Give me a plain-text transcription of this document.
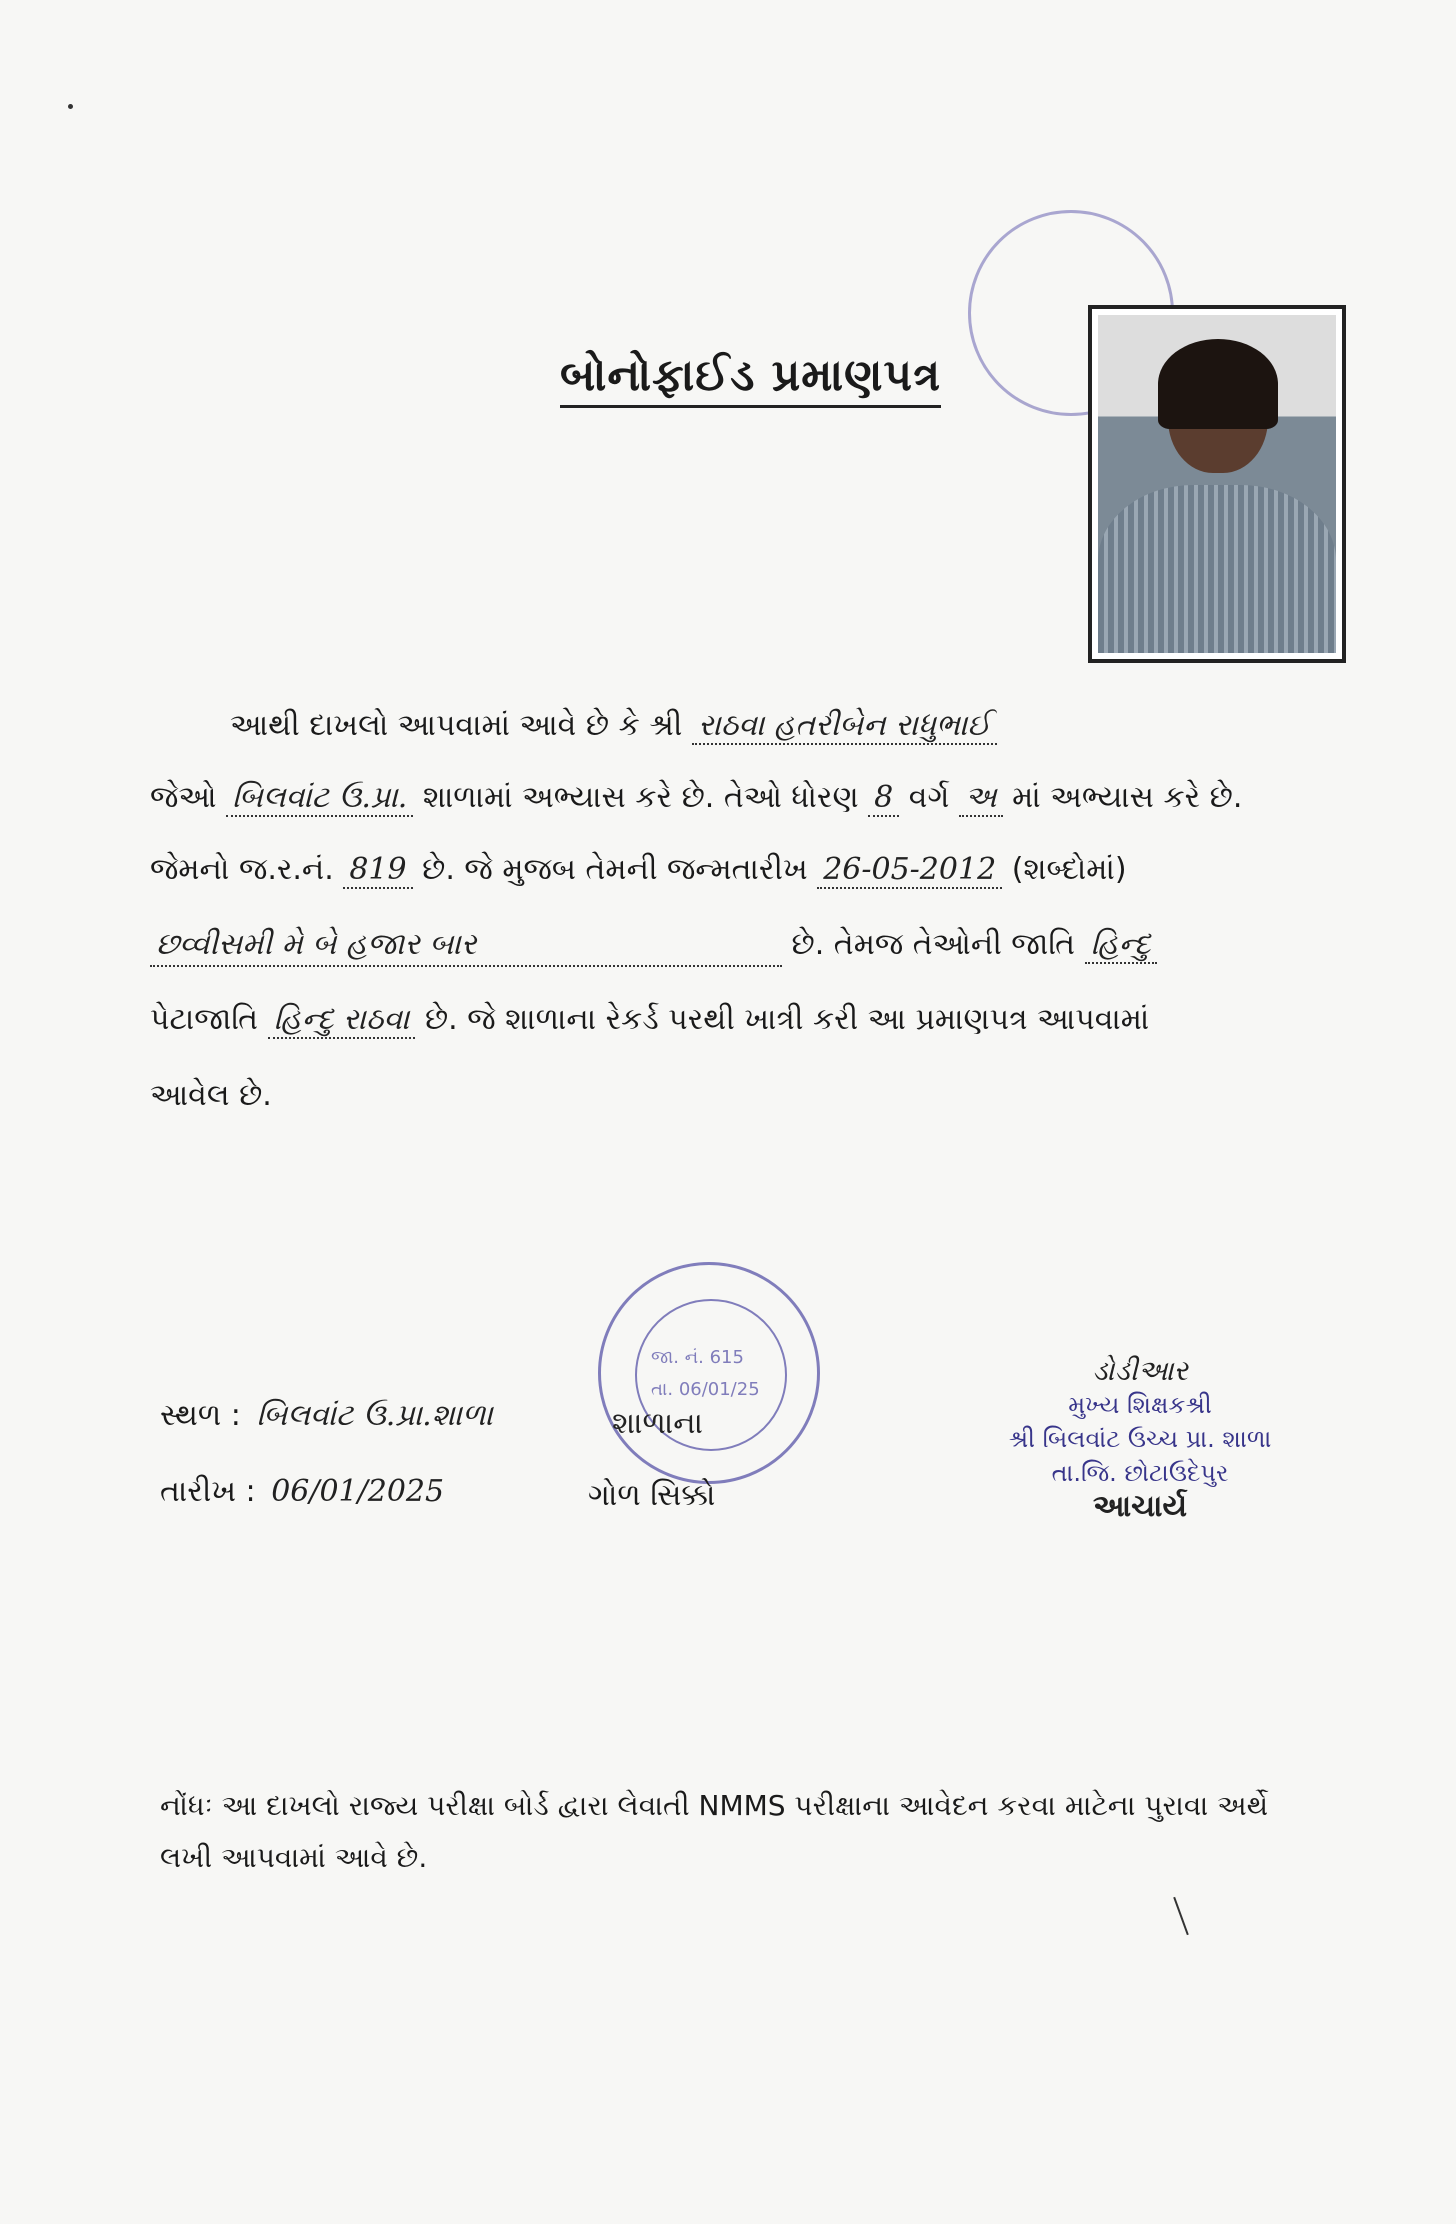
બોનોફાઈડ પ્રમાણપત્ર
આથી દાખલો આપવામાં આવે છે કે શ્રી રાઠવા હતરીબેન રાધુભાઈ
જેઓ બિલવાંટ ઉ.પ્રા. શાળામાં અભ્યાસ કરે છે. તેઓ ધોરણ 8 વર્ગ અ માં અભ્યાસ કરે છે.
જેમનો જ.ર.નં. 819 છે. જે મુજબ તેમની જન્મતારીખ 26-05-2012 (શબ્દોમાં)
છવ્વીસમી મે બે હજાર બાર	છે. તેમજ તેઓની જાતિ હિન્દુ
પેટાજાતિ હિન્દુ રાઠવા છે. જે શાળાના રેકર્ડ પરથી ખાત્રી કરી આ પ્રમાણપત્ર આપવામાં
આવેલ છે.
સ્થળ : બિલવાંટ ઉ.પ્રા.શાળા
તારીખ : 06/01/2025
જા. નં. 615
તા. 06/01/25
શાળાના
ગોળ સિક્કો
ડોડીઆર
મુખ્ય શિક્ષકશ્રી
શ્રી બિલવાંટ ઉચ્ચ પ્રા. શાળા
તા.જિ. છોટાઉદેપુર
આચાર્ય
નોંધઃ આ દાખલો રાજ્ય પરીક્ષા બોર્ડ દ્વારા લેવાતી NMMS પરીક્ષાના આવેદન કરવા માટેના પુરાવા અર્થે લખી આપવામાં આવે છે.
